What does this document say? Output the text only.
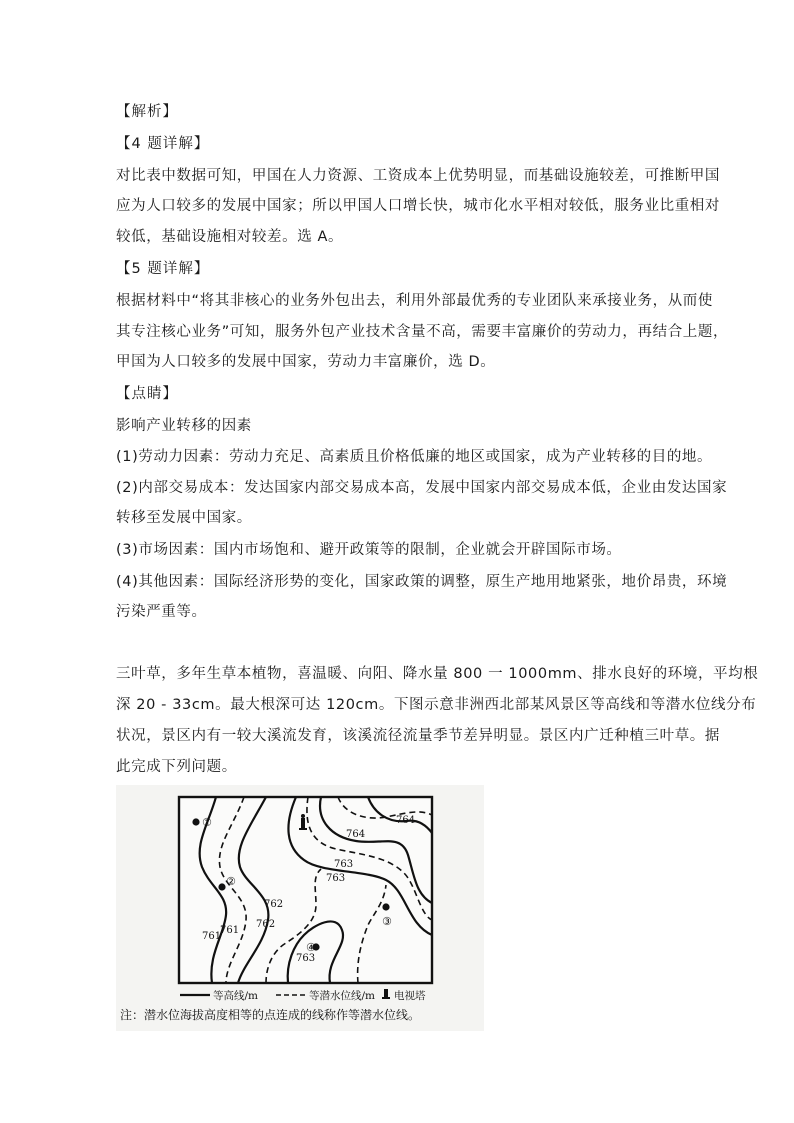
【解析】
【4 题详解】
对比表中数据可知，甲国在人力资源、工资成本上优势明显，而基础设施较差，可推断甲国
应为人口较多的发展中国家；所以甲国人口增长快，城市化水平相对较低，服务业比重相对
较低，基础设施相对较差。选 A。
【5 题详解】
根据材料中“将其非核心的业务外包出去，利用外部最优秀的专业团队来承接业务，从而使
其专注核心业务”可知，服务外包产业技术含量不高，需要丰富廉价的劳动力，再结合上题，
甲国为人口较多的发展中国家，劳动力丰富廉价，选 D。
【点睛】
影响产业转移的因素
(1)劳动力因素：劳动力充足、高素质且价格低廉的地区或国家，成为产业转移的目的地。
(2)内部交易成本：发达国家内部交易成本高，发展中国家内部交易成本低，企业由发达国家
转移至发展中国家。
(3)市场因素：国内市场饱和、避开政策等的限制，企业就会开辟国际市场。
(4)其他因素：国际经济形势的变化，国家政策的调整，原生产地用地紧张，地价昂贵，环境
污染严重等。
三叶草，多年生草本植物，喜温暖、向阳、降水量 800 一 1000mm、排水良好的环境，平均根
深 20 - 33cm。最大根深可达 120cm。下图示意非洲西北部某风景区等高线和等潜水位线分布
状况，景区内有一较大溪流发育，该溪流径流量季节差异明显。景区内广迁种植三叶草。据
此完成下列问题。
764
764
763
763
762
762
761
761
763
①
②
③
④
等高线/m	等潜水位线/m 电视塔
注：潜水位海拔高度相等的点连成的线称作等潜水位线。
